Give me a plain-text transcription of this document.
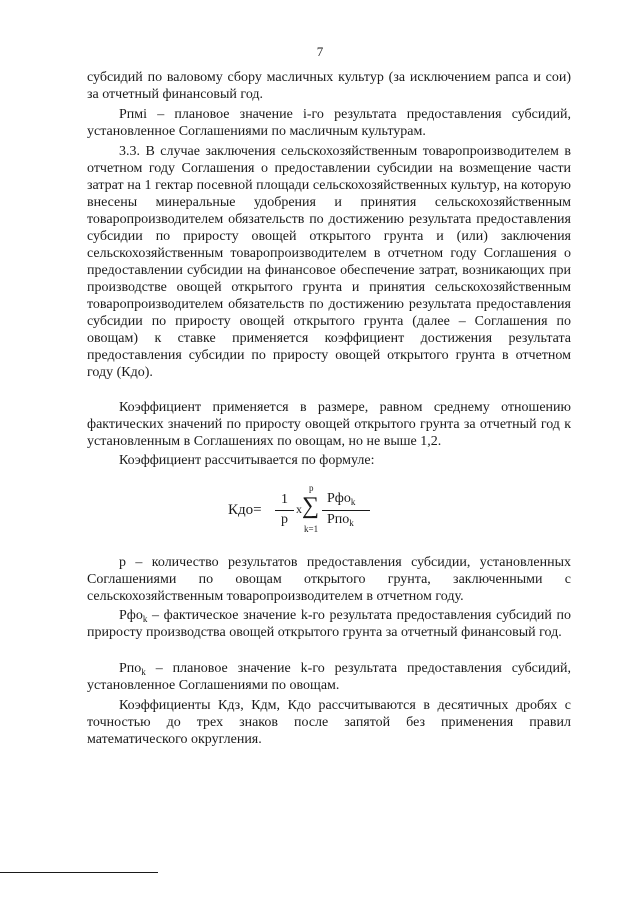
7

субсидий по валовому сбору масличных культур (за исключением рапса и сои) за отчетный финансовый год.

Рпмi – плановое значение i-го результата предоставления субсидий, установленное Соглашениями по масличным культурам.

3.3. В случае заключения сельскохозяйственным товаропроизводителем в отчетном году Соглашения о предоставлении субсидии на возмещение части затрат на 1 гектар посевной площади сельскохозяйственных культур, на которую внесены минеральные удобрения и принятия сельскохозяйственным товаропроизводителем обязательств по достижению результата предоставления субсидии по приросту овощей открытого грунта и (или) заключения сельскохозяйственным товаропроизводителем в отчетном году Соглашения о предоставлении субсидии на финансовое обеспечение затрат, возникающих при производстве овощей открытого грунта и принятия сельскохозяйственным товаропроизводителем обязательств по достижению результата предоставления субсидии по приросту овощей открытого грунта (далее – Соглашения по овощам) к ставке применяется коэффициент достижения результата предоставления субсидии по приросту овощей открытого грунта в отчетном году (Кдо).

Коэффициент применяется в размере, равном среднему отношению фактических значений по приросту овощей открытого грунта за отчетный год к установленным в Соглашениях по овощам, но не выше 1,2.

Коэффициент рассчитывается по формуле:

Кдо=
1
р
х
р
∑
k=1
Рфо$_k$
Рпо$_k$

р – количество результатов предоставления субсидии, установленных Соглашениями по овощам открытого грунта, заключенными с сельскохозяйственным товаропроизводителем в отчетном году.

Рфо$_k$ – фактическое значение k-го результата предоставления субсидий по приросту производства овощей открытого грунта за отчетный финансовый год.

Рпо$_k$ – плановое значение k-го результата предоставления субсидий, установленное Соглашениями по овощам.

Коэффициенты Кдз, Кдм, Кдо рассчитываются в десятичных дробях с точностью до трех знаков после запятой без применения правил математического округления.
